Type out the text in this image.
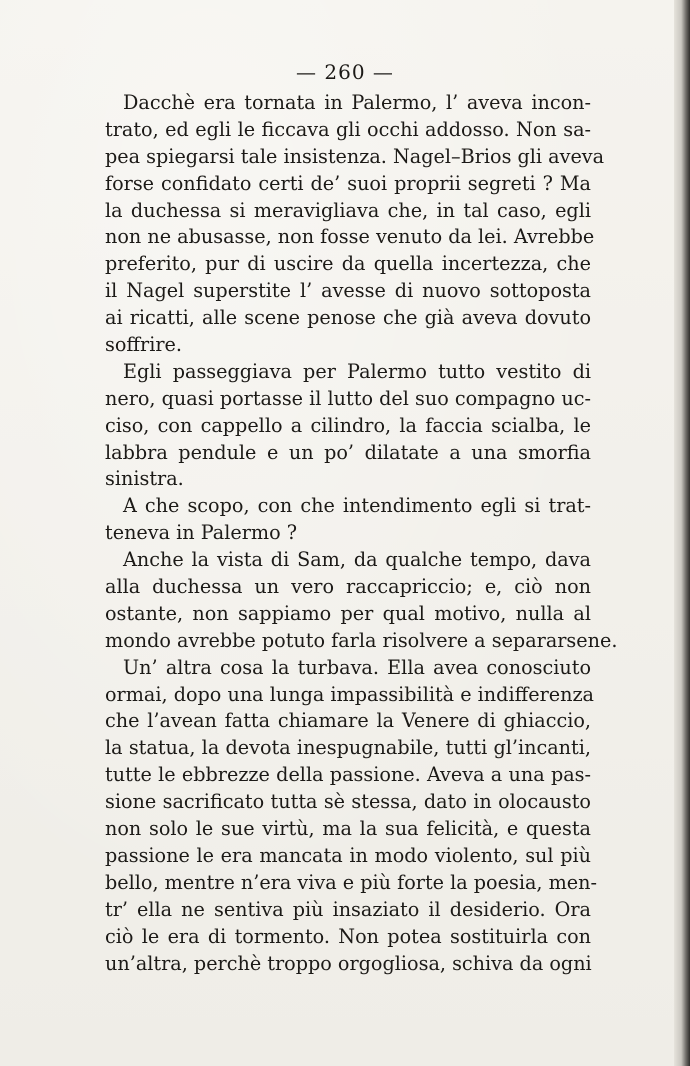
— 260 —

Dacchè era tornata in Palermo, l’ aveva incon-
trato, ed egli le ficcava gli occhi addosso. Non sa-
pea spiegarsi tale insistenza. Nagel–Brios gli aveva
forse confidato certi de’ suoi proprii segreti ? Ma
la duchessa si meravigliava che, in tal caso, egli
non ne abusasse, non fosse venuto da lei. Avrebbe
preferito, pur di uscire da quella incertezza, che
il Nagel superstite l’ avesse di nuovo sottoposta
ai ricatti, alle scene penose che già aveva dovuto
soffrire.

Egli passeggiava per Palermo tutto vestito di
nero, quasi portasse il lutto del suo compagno uc-
ciso, con cappello a cilindro, la faccia scialba, le
labbra pendule e un po’ dilatate a una smorfia
sinistra.

A che scopo, con che intendimento egli si trat-
teneva in Palermo ?

Anche la vista di Sam, da qualche tempo, dava
alla duchessa un vero raccapriccio; e, ciò non
ostante, non sappiamo per qual motivo, nulla al
mondo avrebbe potuto farla risolvere a separarsene.

Un’ altra cosa la turbava. Ella avea conosciuto
ormai, dopo una lunga impassibilità e indifferenza
che l’avean fatta chiamare la Venere di ghiaccio,
la statua, la devota inespugnabile, tutti gl’incanti,
tutte le ebbrezze della passione. Aveva a una pas-
sione sacrificato tutta sè stessa, dato in olocausto
non solo le sue virtù, ma la sua felicità, e questa
passione le era mancata in modo violento, sul più
bello, mentre n’era viva e più forte la poesia, men-
tr’ ella ne sentiva più insaziato il desiderio. Ora
ciò le era di tormento. Non potea sostituirla con
un’altra, perchè troppo orgogliosa, schiva da ogni
